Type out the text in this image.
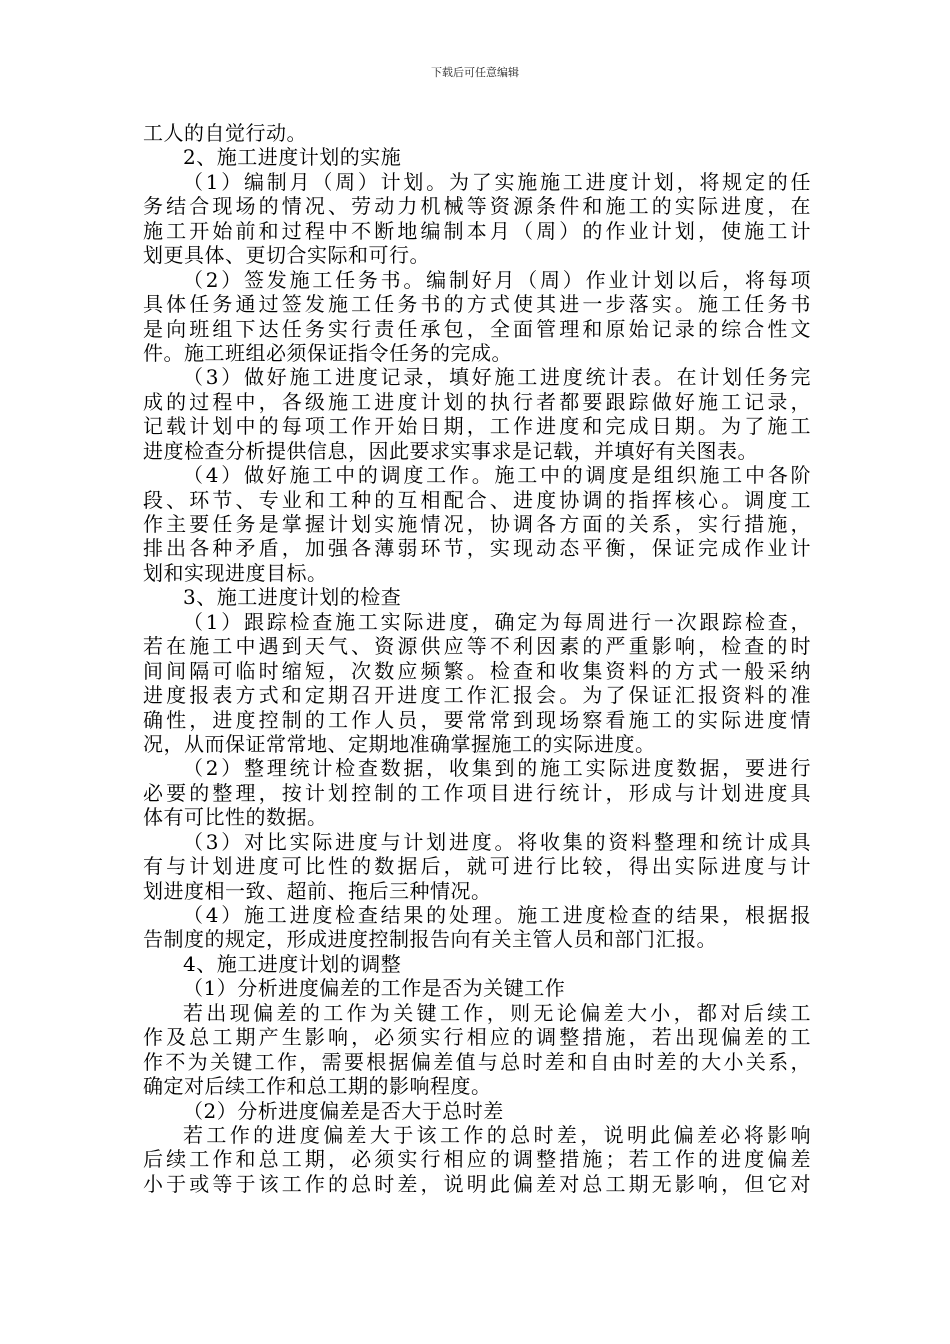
下载后可任意编辑
工人的自觉行动。
2、施工进度计划的实施
（1）编制月（周）计划。为了实施施工进度计划，将规定的任
务结合现场的情况、劳动力机械等资源条件和施工的实际进度，在
施工开始前和过程中不断地编制本月（周）的作业计划，使施工计
划更具体、更切合实际和可行。
（2）签发施工任务书。编制好月（周）作业计划以后，将每项
具体任务通过签发施工任务书的方式使其进一步落实。施工任务书
是向班组下达任务实行责任承包，全面管理和原始记录的综合性文
件。施工班组必须保证指令任务的完成。
（3）做好施工进度记录，填好施工进度统计表。在计划任务完
成的过程中，各级施工进度计划的执行者都要跟踪做好施工记录，
记载计划中的每项工作开始日期，工作进度和完成日期。为了施工
进度检查分析提供信息，因此要求实事求是记载，并填好有关图表。
（4）做好施工中的调度工作。施工中的调度是组织施工中各阶
段、环节、专业和工种的互相配合、进度协调的指挥核心。调度工
作主要任务是掌握计划实施情况，协调各方面的关系，实行措施，
排出各种矛盾，加强各薄弱环节，实现动态平衡，保证完成作业计
划和实现进度目标。
3、施工进度计划的检查
（1）跟踪检查施工实际进度，确定为每周进行一次跟踪检查，
若在施工中遇到天气、资源供应等不利因素的严重影响，检查的时
间间隔可临时缩短，次数应频繁。检查和收集资料的方式一般采纳
进度报表方式和定期召开进度工作汇报会。为了保证汇报资料的准
确性，进度控制的工作人员，要常常到现场察看施工的实际进度情
况，从而保证常常地、定期地准确掌握施工的实际进度。
（2）整理统计检查数据，收集到的施工实际进度数据，要进行
必要的整理，按计划控制的工作项目进行统计，形成与计划进度具
体有可比性的数据。
（3）对比实际进度与计划进度。将收集的资料整理和统计成具
有与计划进度可比性的数据后，就可进行比较，得出实际进度与计
划进度相一致、超前、拖后三种情况。
（4）施工进度检查结果的处理。施工进度检查的结果，根据报
告制度的规定，形成进度控制报告向有关主管人员和部门汇报。
4、施工进度计划的调整
（1）分析进度偏差的工作是否为关键工作
若出现偏差的工作为关键工作，则无论偏差大小，都对后续工
作及总工期产生影响，必须实行相应的调整措施，若出现偏差的工
作不为关键工作，需要根据偏差值与总时差和自由时差的大小关系，
确定对后续工作和总工期的影响程度。
（2）分析进度偏差是否大于总时差
若工作的进度偏差大于该工作的总时差，说明此偏差必将影响
后续工作和总工期，必须实行相应的调整措施；若工作的进度偏差
小于或等于该工作的总时差，说明此偏差对总工期无影响，但它对
